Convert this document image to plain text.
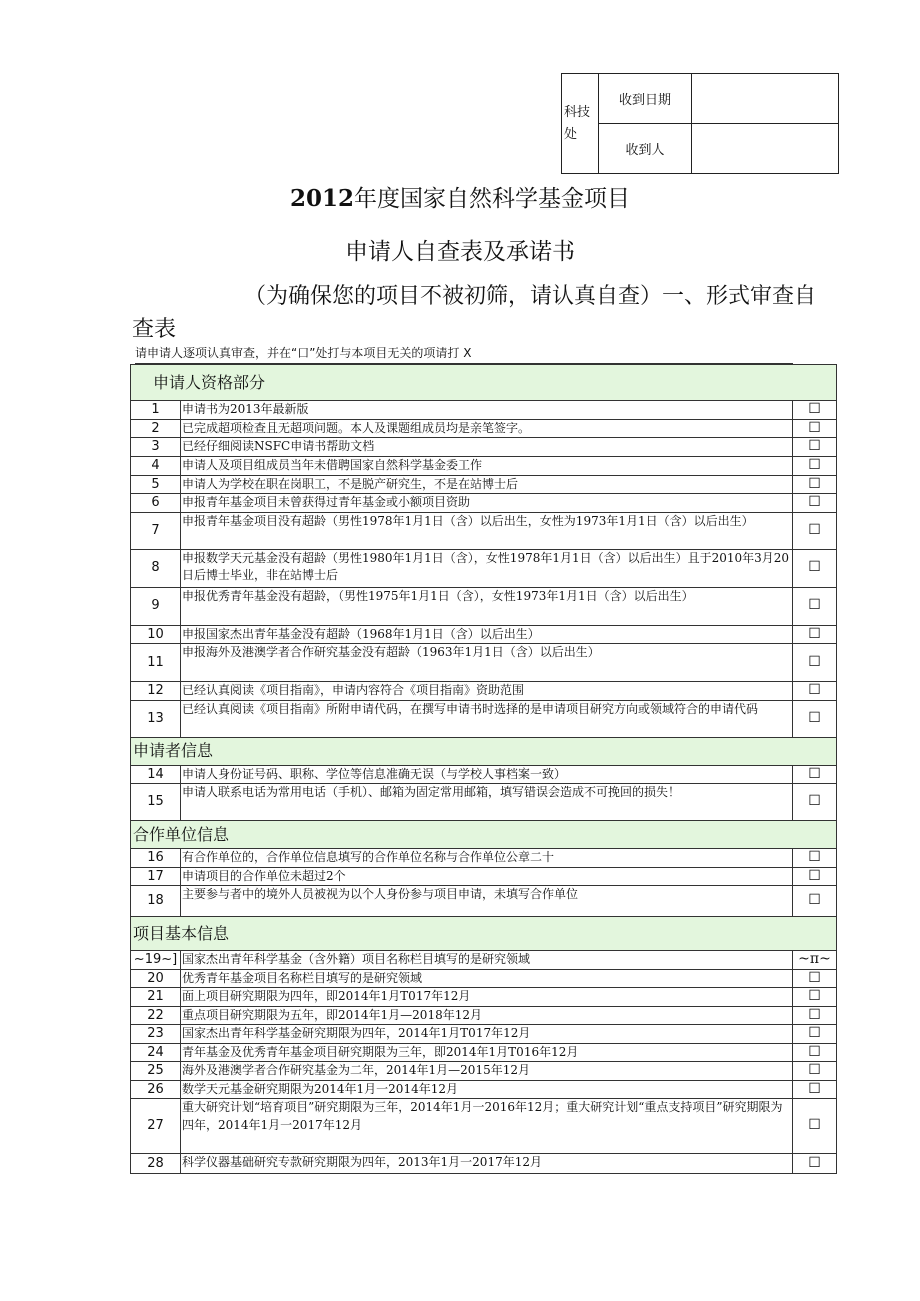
科技处	收到日期	
	收到人	
2012年度国家自然科学基金项目
申请人自查表及承诺书
（为确保您的项目不被初筛，请认真自查）一、形式审查自查表
请申请人逐项认真审查，并在“口”处打与本项目无关的项请打 X
申请人资格部分		
1	申请书为2013年最新版	☐
2	已完成超项检查且无超项问题。本人及课题组成员均是亲笔签字。	☐
3	已经仔细阅读NSFC申请书帮助文档	☐
4	申请人及项目组成员当年未借聘国家自然科学基金委工作	☐
5	申请人为学校在职在岗职工，不是脱产研究生，不是在站博士后	☐
6	申报青年基金项目未曾获得过青年基金或小额项目资助	☐
7	申报青年基金项目没有超龄（男性1978年1月1日（含）以后出生，女性为1973年1月1日（含）以后出生）	☐
8	申报数学天元基金没有超龄（男性1980年1月1日（含），女性1978年1月1日（含）以后出生）且于2010年3月20日后博士毕业，非在站博士后	☐
9	申报优秀青年基金没有超龄，（男性1975年1月1日（含），女性1973年1月1日（含）以后出生）	☐
10	申报国家杰出青年基金没有超龄（1968年1月1日（含）以后出生）	☐
11	申报海外及港澳学者合作研究基金没有超龄（1963年1月1日（含）以后出生）	☐
12	已经认真阅读《项目指南》，申请内容符合《项目指南》资助范围	☐
13	已经认真阅读《项目指南》所附申请代码，在撰写申请书时选择的是申请项目研究方向或领域符合的申请代码	☐
申请者信息		
14	申请人身份证号码、职称、学位等信息准确无误（与学校人事档案一致）	☐
15	申请人联系电话为常用电话（手机）、邮箱为固定常用邮箱，填写错误会造成不可挽回的损失！	☐
合作单位信息		
16	有合作单位的，合作单位信息填写的合作单位名称与合作单位公章二十	☐
17	申请项目的合作单位未超过2个	☐
18	主要参与者中的境外人员被视为以个人身份参与项目申请，未填写合作单位	☐
项目基本信息		
~19~]	国家杰出青年科学基金（含外籍）项目名称栏目填写的是研究领域	~π~
20	优秀青年基金项目名称栏目填写的是研究领域	☐
21	面上项目研究期限为四年，即2014年1月T017年12月	☐
22	重点项目研究期限为五年，即2014年1月—2018年12月	☐
23	国家杰出青年科学基金研究期限为四年，2014年1月T017年12月	☐
24	青年基金及优秀青年基金项目研究期限为三年，即2014年1月T016年12月	☐
25	海外及港澳学者合作研究基金为二年，2014年1月—2015年12月	☐
26	数学天元基金研究期限为2014年1月一2014年12月	☐
27	重大研究计划“培育项目”研究期限为三年，2014年1月一2016年12月；重大研究计划“重点支持项目”研究期限为四年，2014年1月一2017年12月	☐
28	科学仪器基础研究专款研究期限为四年，2013年1月一2017年12月	☐
